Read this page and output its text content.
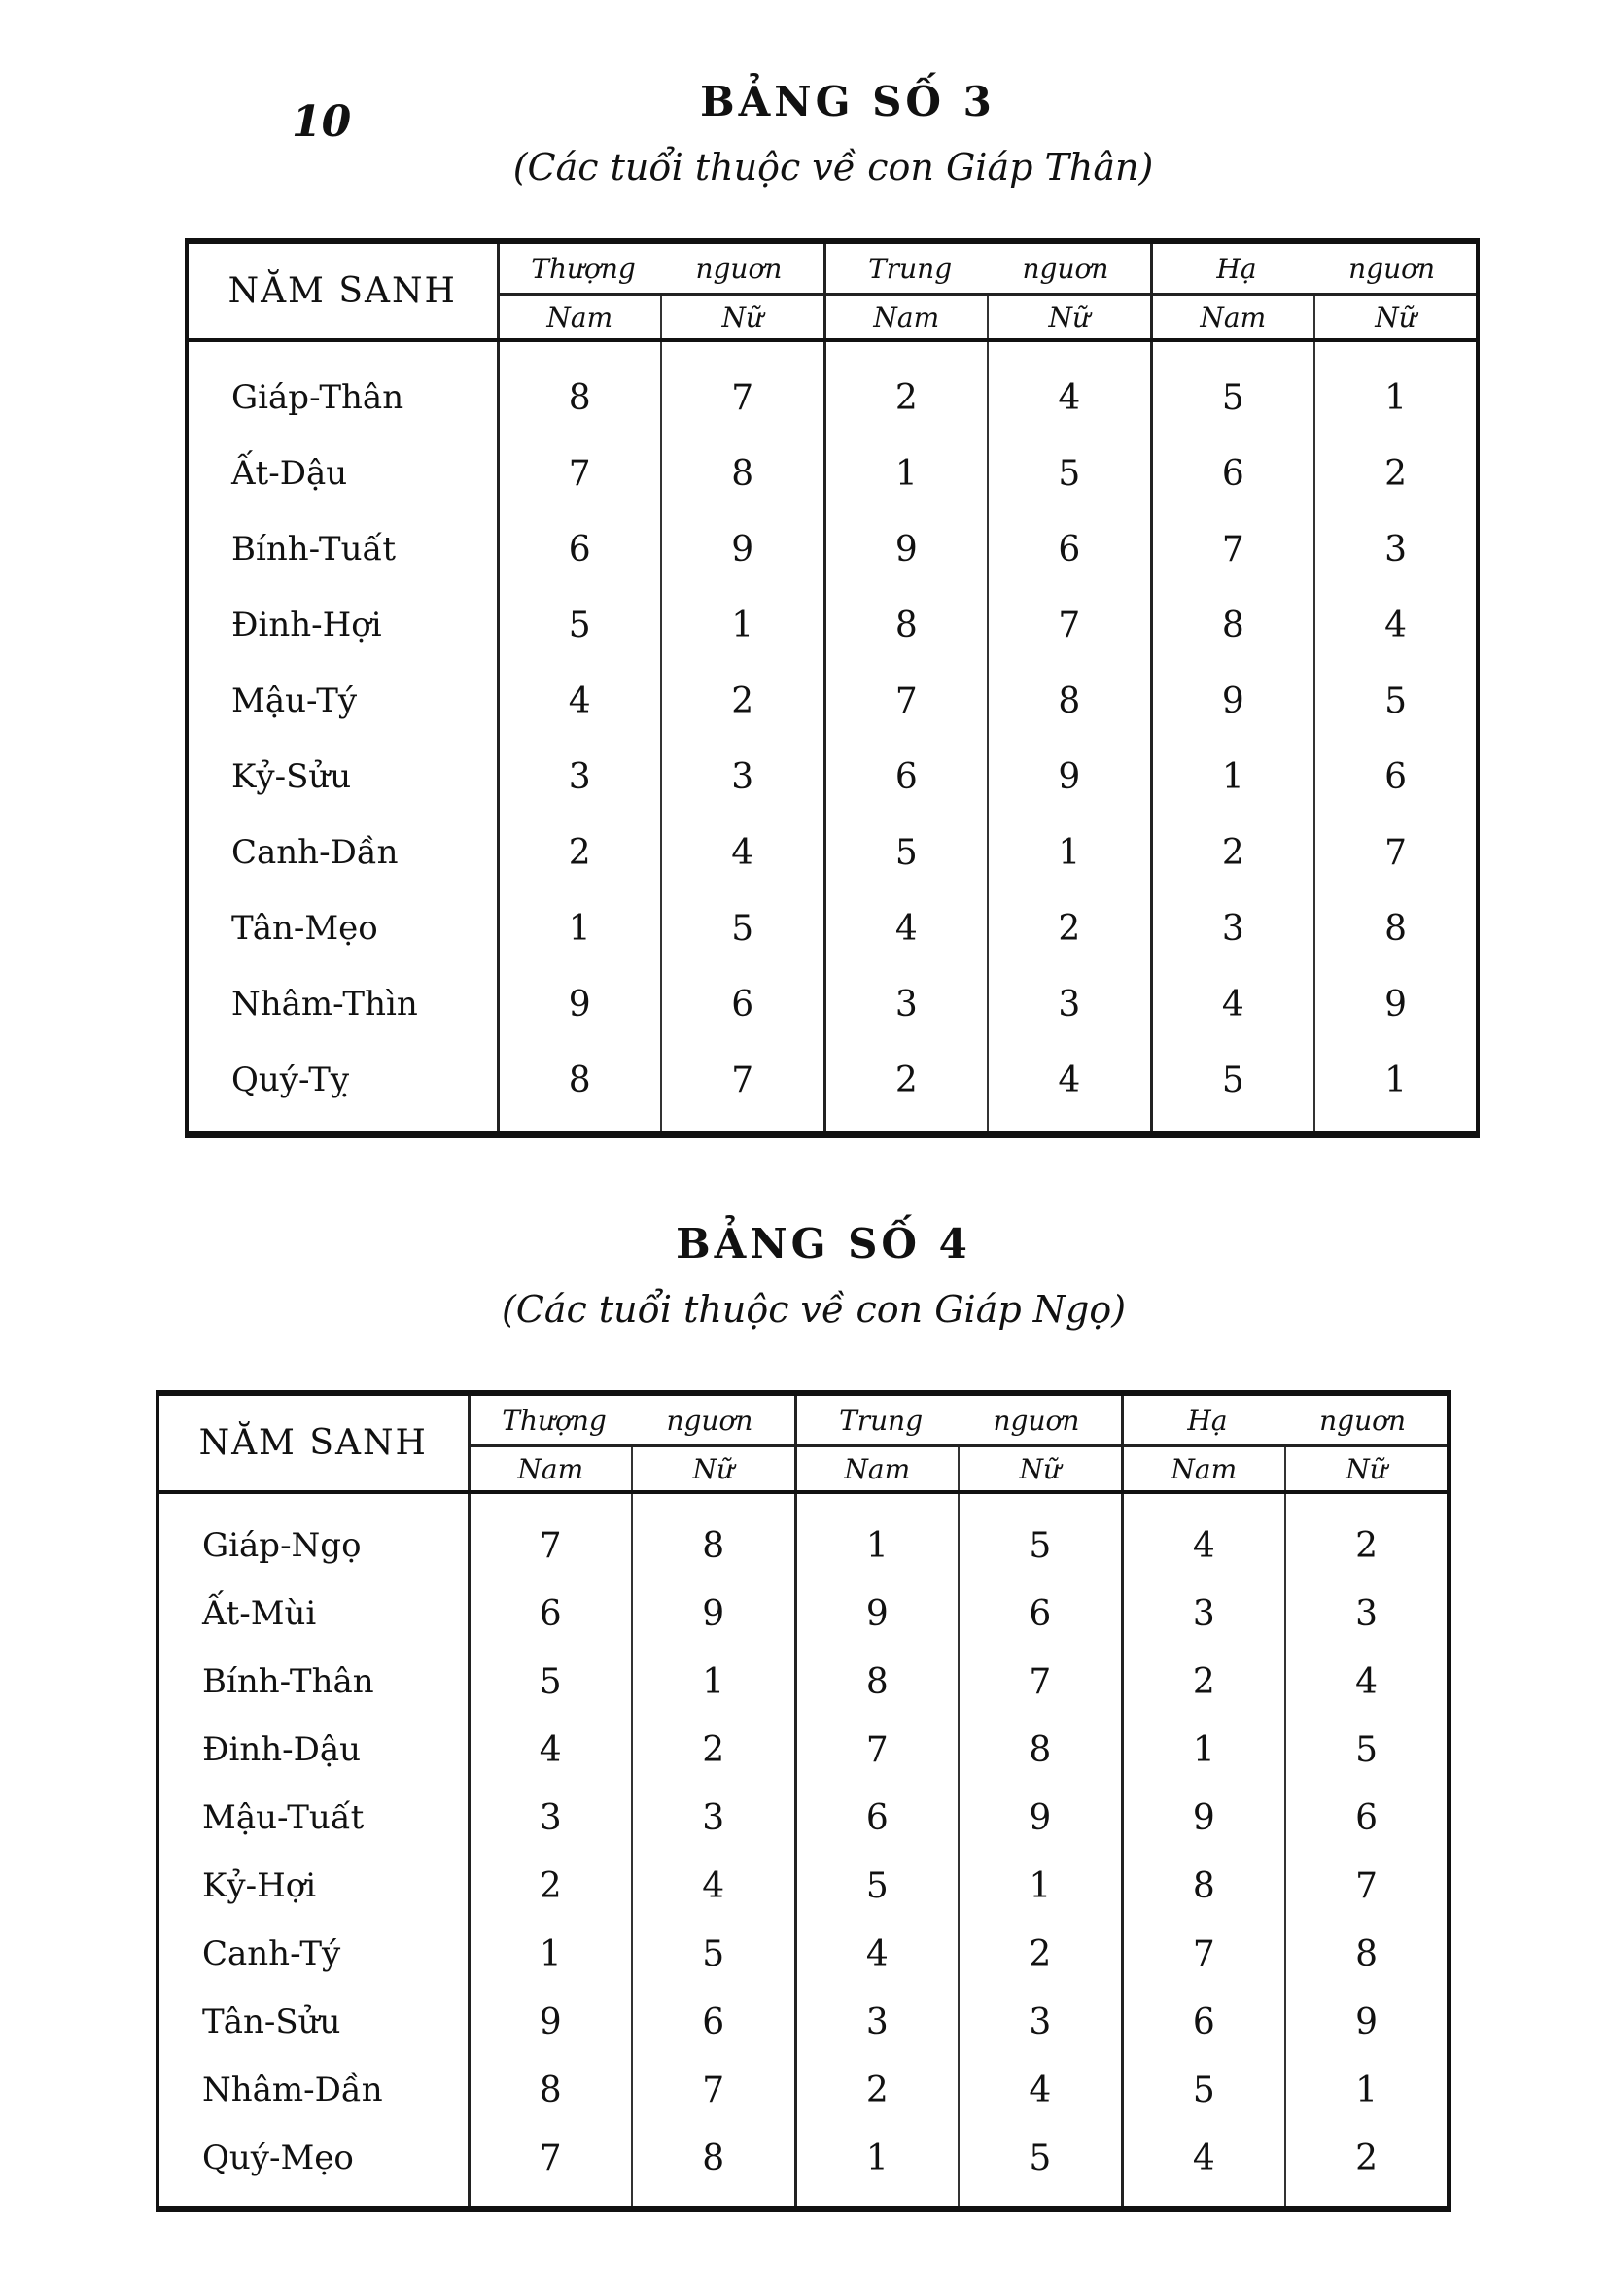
10	BẢNG SỐ 3
(Các tuổi thuộc về con Giáp Thân)
NĂM SANH	Thượng nguơn		Trung nguơn		Hạ nguơn	
	Nam	Nữ	Nam	Nữ	Nam	Nữ
Giáp-Thân	8	7	2	4	5	1
Ất-Dậu	7	8	1	5	6	2
Bính-Tuất	6	9	9	6	7	3
Đinh-Hợi	5	1	8	7	8	4
Mậu-Tý	4	2	7	8	9	5
Kỷ-Sửu	3	3	6	9	1	6
Canh-Dần	2	4	5	1	2	7
Tân-Mẹo	1	5	4	2	3	8
Nhâm-Thìn	9	6	3	3	4	9
Quý-Tỵ	8	7	2	4	5	1
BẢNG SỐ 4
(Các tuổi thuộc về con Giáp Ngọ)
NĂM SANH	Thượng nguơn		Trung nguơn		Hạ nguơn	
	Nam	Nữ	Nam	Nữ	Nam	Nữ
Giáp-Ngọ	7	8	1	5	4	2
Ất-Mùi	6	9	9	6	3	3
Bính-Thân	5	1	8	7	2	4
Đinh-Dậu	4	2	7	8	1	5
Mậu-Tuất	3	3	6	9	9	6
Kỷ-Hợi	2	4	5	1	8	7
Canh-Tý	1	5	4	2	7	8
Tân-Sửu	9	6	3	3	6	9
Nhâm-Dần	8	7	2	4	5	1
Quý-Mẹo	7	8	1	5	4	2
